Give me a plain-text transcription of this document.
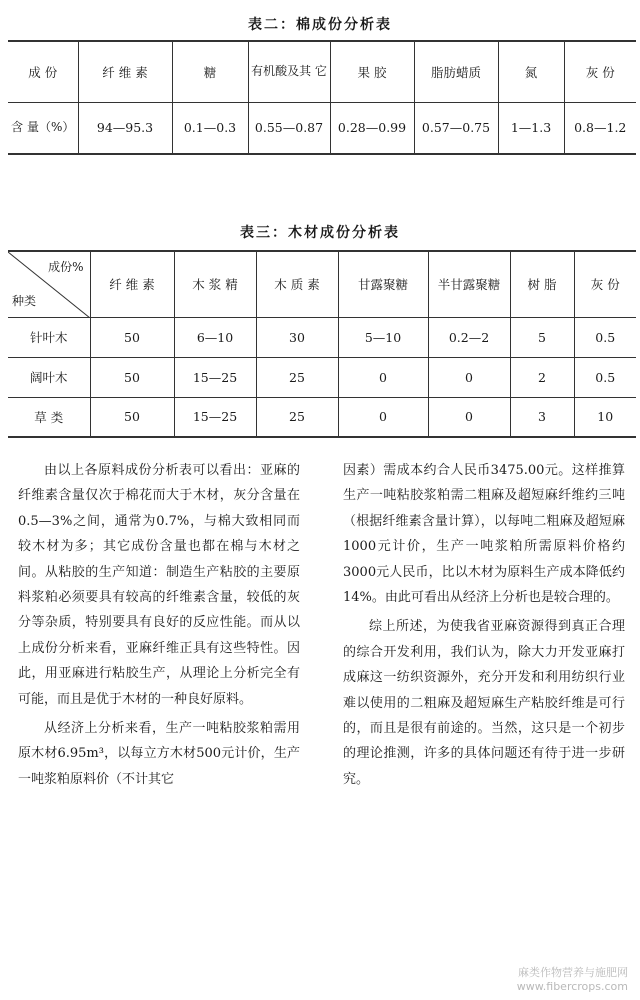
表二：棉成份分析表
成 份	纤 维 素	糖	有机酸及其 它	果 胶	脂肪蜡质	氮	灰 份
含 量（%）	94—95.3	0.1—0.3	0.55—0.87	0.28—0.99	0.57—0.75	1—1.3	0.8—1.2
表三：木材成份分析表
成份%
种类	纤 维 素	木 浆 精	木 质 素	甘露聚糖	半甘露聚糖	树 脂	灰 份
针叶木	50	6—10	30	5—10	0.2—2	5	0.5
阔叶木	50	15—25	25	0	0	2	0.5
草 类	50	15—25	25	0	0	3	10

由以上各原料成份分析表可以看出：亚麻的纤维素含量仅次于棉花而大于木材，灰分含量在0.5—3%之间，通常为0.7%，与棉大致相同而较木材为多；其它成份含量也都在棉与木材之间。从粘胶的生产知道：制造生产粘胶的主要原料浆粕必须要具有较高的纤维素含量，较低的灰分等杂质，特别要具有良好的反应性能。而从以上成份分析来看，亚麻纤维正具有这些特性。因此，用亚麻进行粘胶生产，从理论上分析完全有可能，而且是优于木材的一种良好原料。

从经济上分析来看，生产一吨粘胶浆粕需用原木材6.95m³，以每立方木材500元计价，生产一吨浆粕原料价（不计其它

因素）需成本约合人民币3475.00元。这样推算生产一吨粘胶浆粕需二粗麻及超短麻纤维约三吨（根据纤维素含量计算），以每吨二粗麻及超短麻1000元计价，生产一吨浆粕所需原料价格约3000元人民币，比以木材为原料生产成本降低约14%。由此可看出从经济上分析也是较合理的。

综上所述，为使我省亚麻资源得到真正合理的综合开发利用，我们认为，除大力开发亚麻打成麻这一纺织资源外，充分开发和利用纺织行业难以使用的二粗麻及超短麻生产粘胶纤维是可行的，而且是很有前途的。当然，这只是一个初步的理论推测，许多的具体问题还有待于进一步研究。

麻类作物营养与施肥网
www.fibercrops.com
